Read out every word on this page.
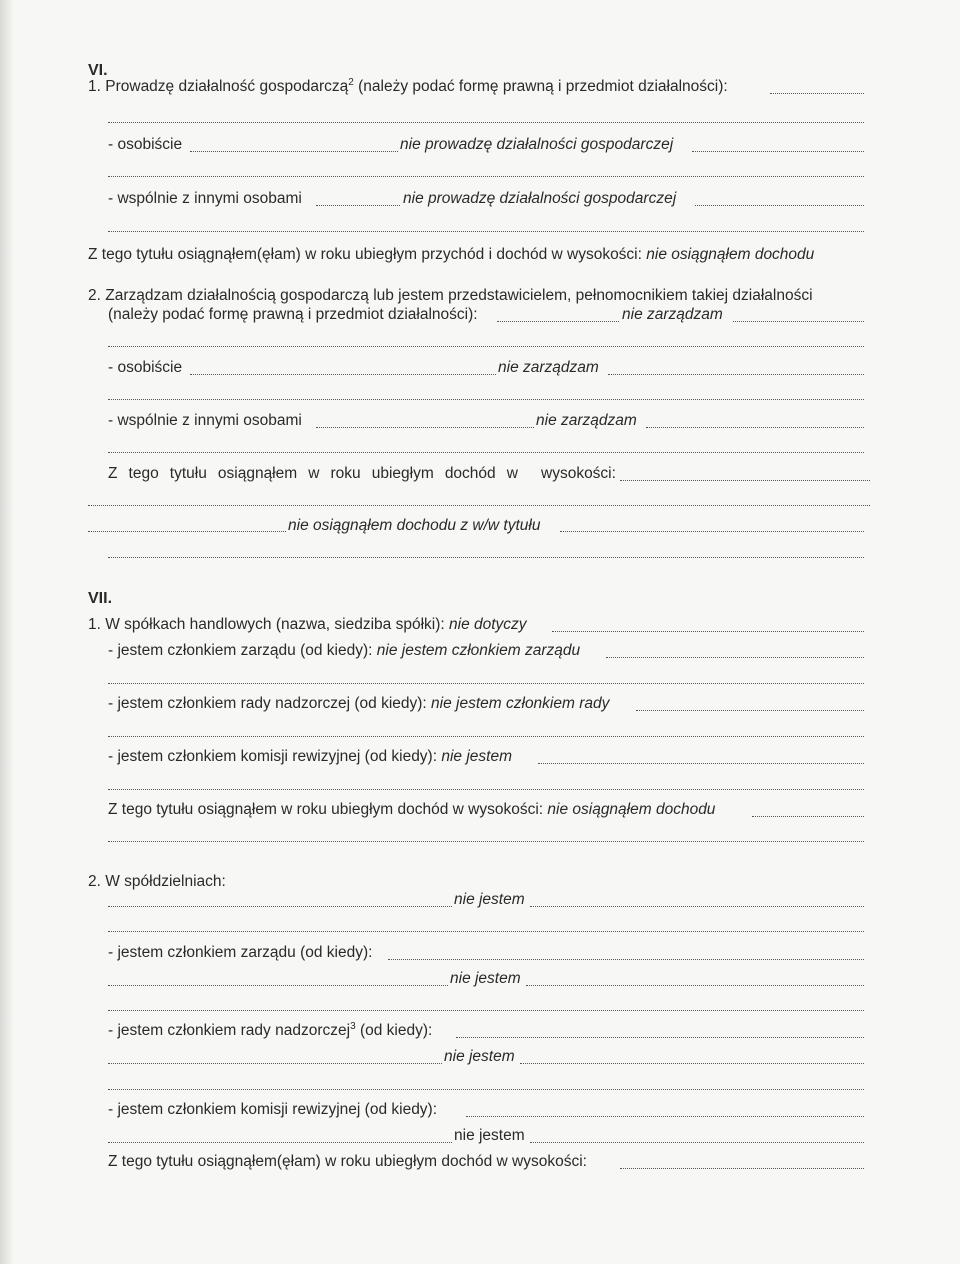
VI.
1. Prowadzę działalność gospodarczą$^2$ (należy podać formę prawną i przedmiot działalności):
- osobiście	nie prowadzę działalności gospodarczej
- wspólnie z innymi osobami	nie prowadzę działalności gospodarczej
Z tego tytułu osiągnąłem(ęłam) w roku ubiegłym przychód i dochód w wysokości: nie osiągnąłem dochodu
2. Zarządzam działalnością gospodarczą lub jestem przedstawicielem, pełnomocnikiem takiej działalności
(należy podać formę prawną i przedmiot działalności):	nie zarządzam
- osobiście	nie zarządzam
- wspólnie z innymi osobami	nie zarządzam
Z tego tytułu osiągnąłem w roku ubiegłym dochód w wysokości:
nie osiągnąłem dochodu z w/w tytułu
VII.
1. W spółkach handlowych (nazwa, siedziba spółki): nie dotyczy
- jestem członkiem zarządu (od kiedy): nie jestem członkiem zarządu
- jestem członkiem rady nadzorczej (od kiedy): nie jestem członkiem rady
- jestem członkiem komisji rewizyjnej (od kiedy): nie jestem
Z tego tytułu osiągnąłem w roku ubiegłym dochód w wysokości: nie osiągnąłem dochodu
2. W spółdzielniach:
nie jestem
- jestem członkiem zarządu (od kiedy):
nie jestem
- jestem członkiem rady nadzorczej$^3$ (od kiedy):
nie jestem
- jestem członkiem komisji rewizyjnej (od kiedy):
nie jestem
Z tego tytułu osiągnąłem(ęłam) w roku ubiegłym dochód w wysokości:
